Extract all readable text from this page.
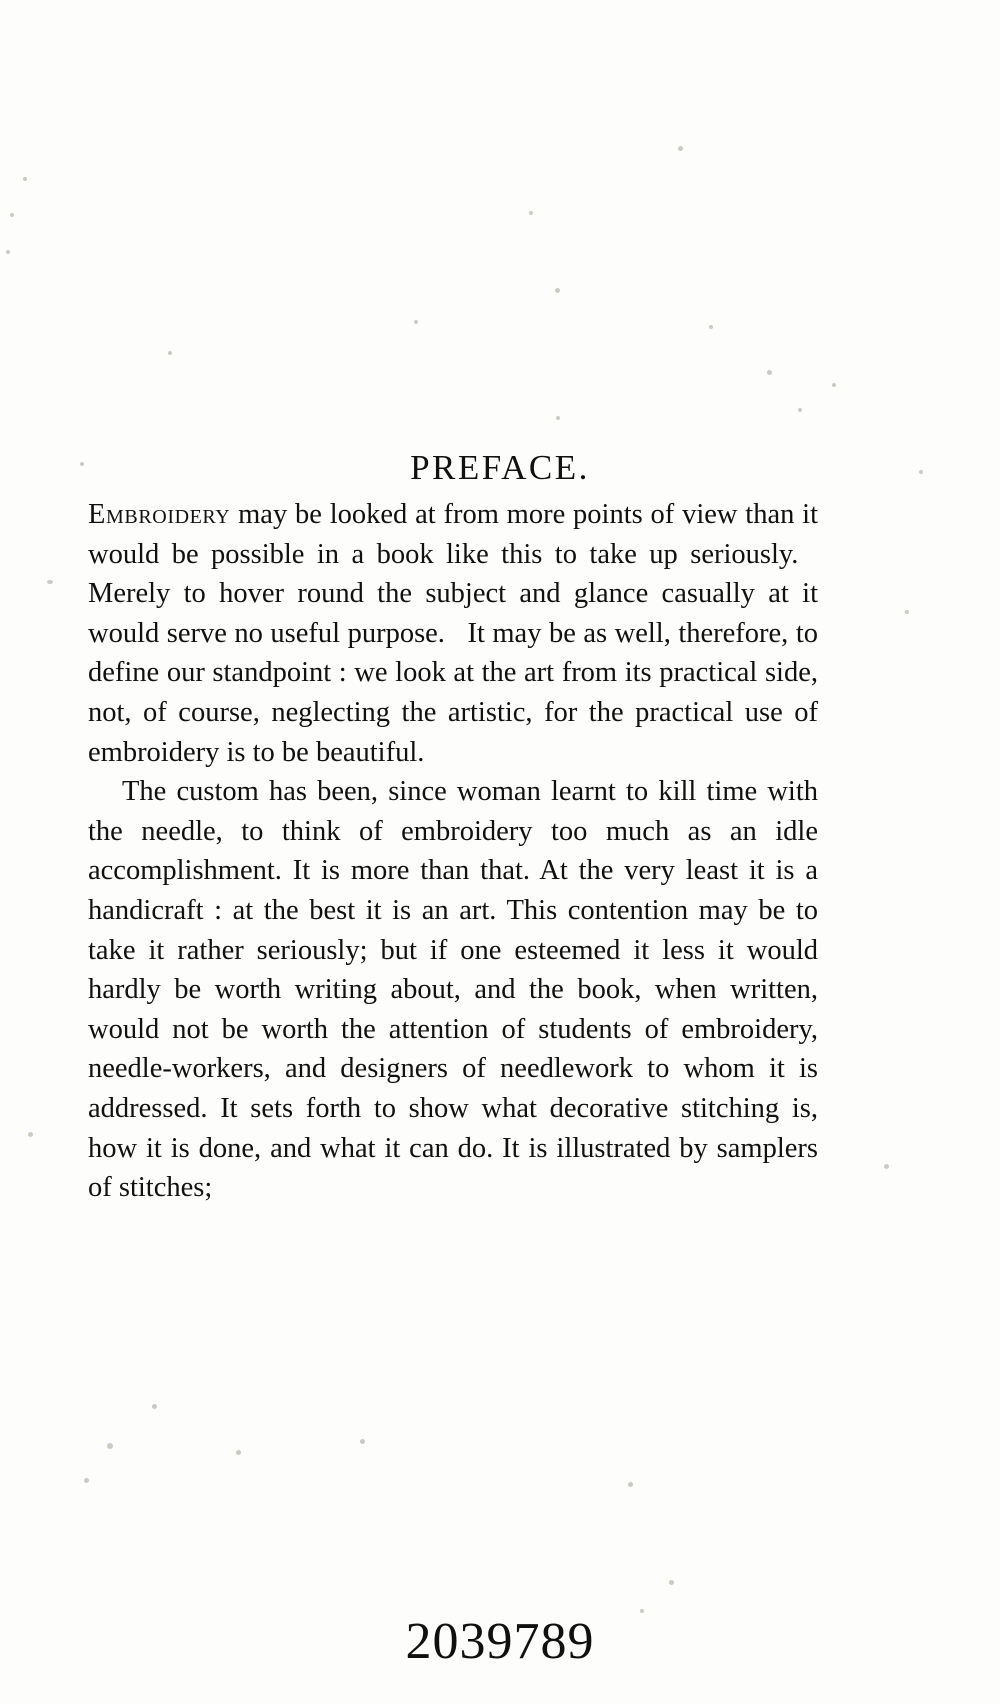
PREFACE.

Embroidery may be looked at from more points of view than it would be possible in a book like this to take up seriously.   Merely to hover round the subject and glance casually at it would serve no useful purpose.   It may be as well, therefore, to define our standpoint : we look at the art from its practical side, not, of course, neglecting the artistic, for the practical use of embroidery is to be beautiful.

The custom has been, since woman learnt to kill time with the needle, to think of embroidery too much as an idle accomplishment. It is more than that. At the very least it is a handicraft : at the best it is an art. This contention may be to take it rather seriously; but if one esteemed it less it would hardly be worth writing about, and the book, when written, would not be worth the attention of students of embroidery, needle-workers, and designers of needlework to whom it is addressed. It sets forth to show what decorative stitching is, how it is done, and what it can do. It is illustrated by samplers of stitches;

2039789
